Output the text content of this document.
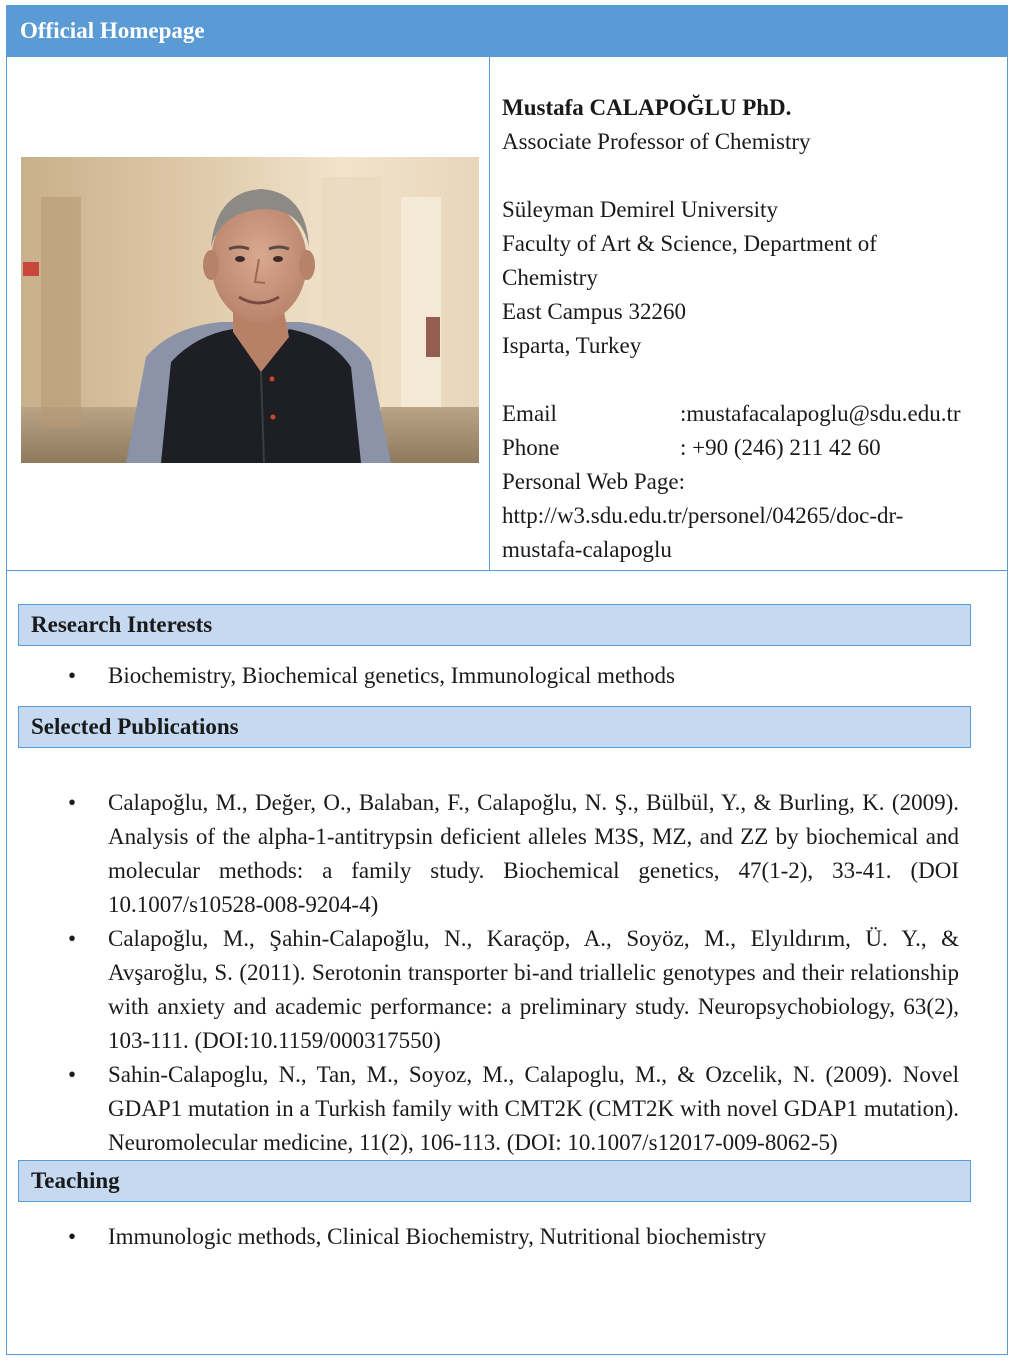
Official Homepage
Mustafa CALAPOĞLU PhD.
Associate Professor of Chemistry
Süleyman Demirel University
Faculty of Art & Science, Department of
Chemistry
East Campus 32260
Isparta, Turkey
Email	:mustafacalapoglu@sdu.edu.tr
Phone	: +90 (246) 211 42 60
Personal Web Page:
http://w3.sdu.edu.tr/personel/04265/doc-dr-
mustafa-calapoglu
Research Interests
• Biochemistry, Biochemical genetics, Immunological methods
Selected Publications
• Calapoğlu, M., Değer, O., Balaban, F., Calapoğlu, N. Ş., Bülbül, Y., & Burling, K. (2009). Analysis of the alpha-1-antitrypsin deficient alleles M3S, MZ, and ZZ by biochemical and molecular methods: a family study. Biochemical genetics, 47(1-2), 33-41. (DOI 10.1007/s10528-008-9204-4)
• Calapoğlu, M., Şahin-Calapoğlu, N., Karaçöp, A., Soyöz, M., Elyıldırım, Ü. Y., & Avşaroğlu, S. (2011). Serotonin transporter bi-and triallelic genotypes and their relationship with anxiety and academic performance: a preliminary study. Neuropsychobiology, 63(2), 103-111. (DOI:10.1159/000317550)
• Sahin-Calapoglu, N., Tan, M., Soyoz, M., Calapoglu, M., & Ozcelik, N. (2009). Novel GDAP1 mutation in a Turkish family with CMT2K (CMT2K with novel GDAP1 mutation). Neuromolecular medicine, 11(2), 106-113. (DOI: 10.1007/s12017-009-8062-5)
Teaching
• Immunologic methods, Clinical Biochemistry, Nutritional biochemistry
